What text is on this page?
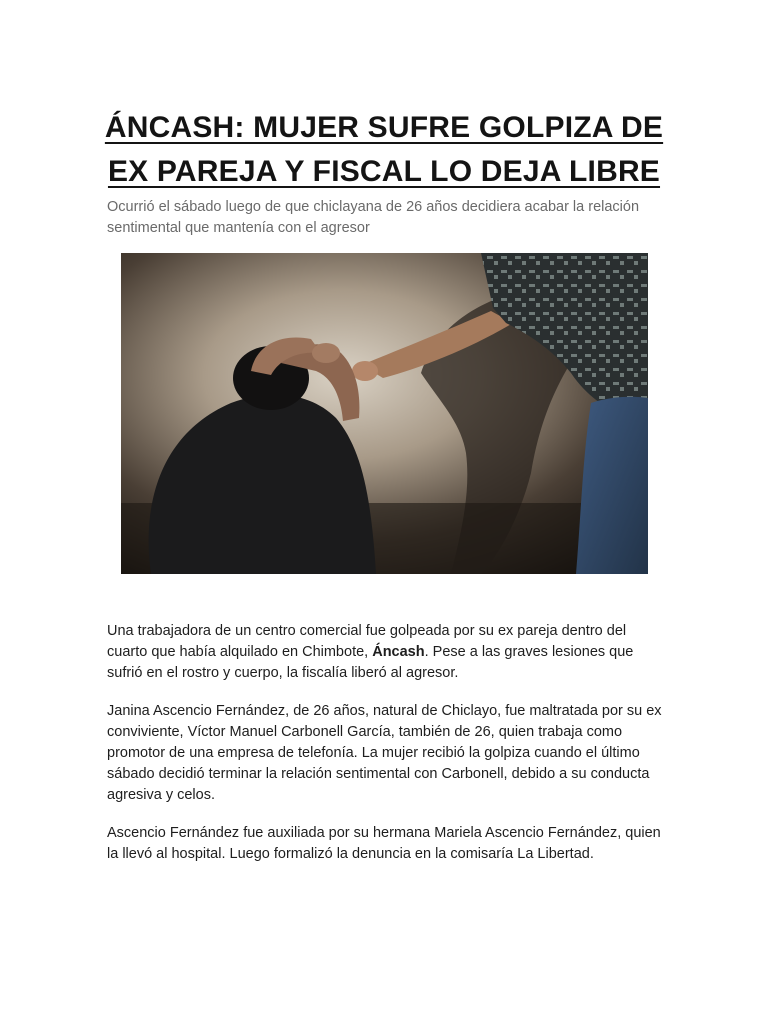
ÁNCASH: MUJER SUFRE GOLPIZA DE EX PAREJA Y FISCAL LO DEJA LIBRE

Ocurrió el sábado luego de que chiclayana de 26 años decidiera acabar la relación sentimental que mantenía con el agresor

Una trabajadora de un centro comercial fue golpeada por su ex pareja dentro del cuarto que había alquilado en Chimbote, Áncash. Pese a las graves lesiones que sufrió en el rostro y cuerpo, la fiscalía liberó al agresor.

Janina Ascencio Fernández, de 26 años, natural de Chiclayo, fue maltratada por su ex conviviente, Víctor Manuel Carbonell García, también de 26, quien trabaja como promotor de una empresa de telefonía. La mujer recibió la golpiza cuando el último sábado decidió terminar la relación sentimental con Carbonell, debido a su conducta agresiva y celos.

Ascencio Fernández fue auxiliada por su hermana Mariela Ascencio Fernández, quien la llevó al hospital. Luego formalizó la denuncia en la comisaría La Libertad.
